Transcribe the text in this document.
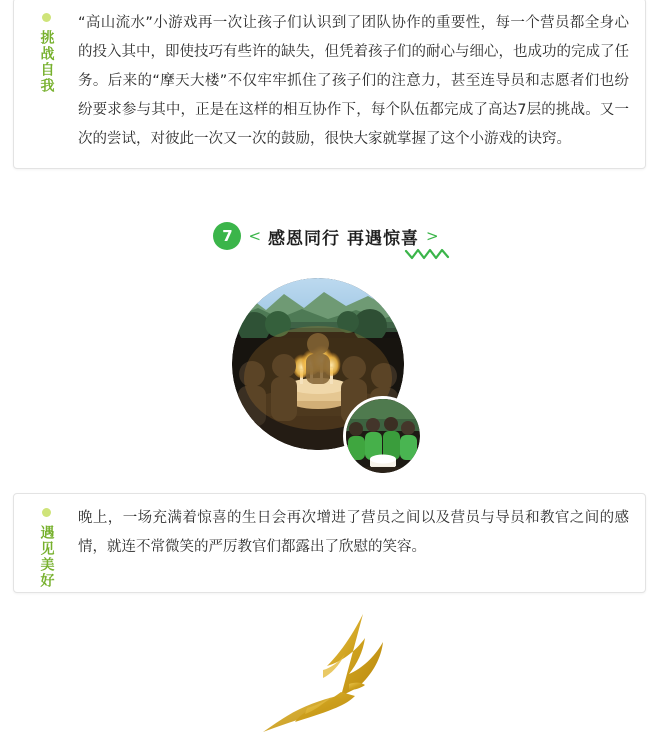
挑战自我
“高山流水”小游戏再一次让孩子们认识到了团队协作的重要性，每一个营员都全身心的投入其中，即使技巧有些许的缺失，但凭着孩子们的耐心与细心，也成功的完成了任务。后来的“摩天大楼”不仅牢牢抓住了孩子们的注意力，甚至连导员和志愿者们也纷纷要求参与其中，正是在这样的相互协作下，每个队伍都完成了高达7层的挑战。又一次的尝试，对彼此一次又一次的鼓励，很快大家就掌握了这个小游戏的诀窍。
7	< 感恩同行 再遇惊喜 >
遇见美好
晚上，一场充满着惊喜的生日会再次增进了营员之间以及营员与导员和教官之间的感情，就连不常微笑的严厉教官们都露出了欣慰的笑容。
